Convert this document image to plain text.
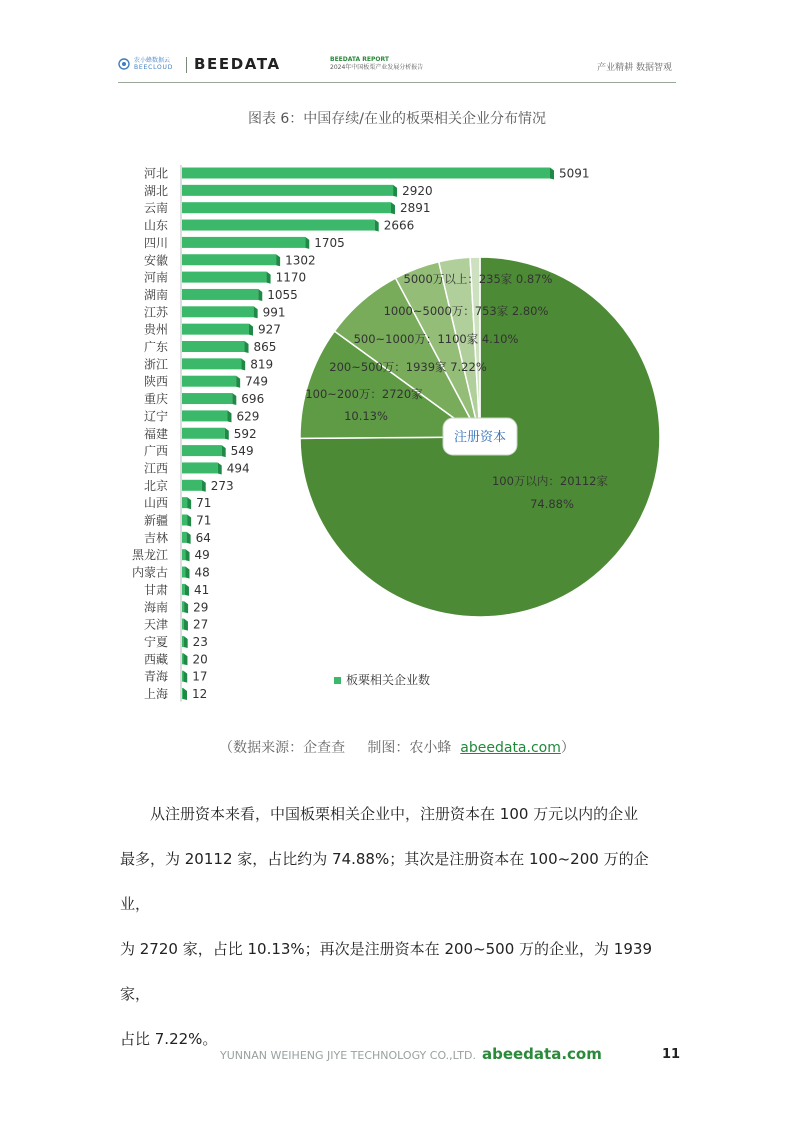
农小蜂数据云
BEECLOUD BEEDATA	BEEDATA REPORT
2024年中国板栗产业发展分析报告	产业精耕 数据智观
图表 6：中国存续/在业的板栗相关企业分布情况
河北	5091
湖北	2920
云南	2891
山东	2666
四川	1705
安徽	1302
河南	1170
湖南	1055
江苏	991
贵州	927
广东	865
浙江	819
陕西	749
重庆	696
辽宁	629
福建	592
广西	549
江西	494
北京	273
山西 71
新疆 71
吉林 64
黑龙江 49
内蒙古 48
甘肃 41
海南 29
天津 27
宁夏 23
西藏 20
青海 17
上海 12
板栗相关企业数
100万以内：20112家
74.88%
100~200万：2720家
10.13%
200~500万：1939家 7.22%
500~1000万：1100家 4.10%
1000~5000万：753家 2.80%
5000万以上：235家 0.87%
注册资本
（数据来源：企查查     制图：农小蜂  abeedata.com）
从注册资本来看，中国板栗相关企业中，注册资本在 100 万元以内的企业
最多，为 20112 家，占比约为 74.88%；其次是注册资本在 100~200 万的企业，
为 2720 家，占比 10.13%；再次是注册资本在 200~500 万的企业，为 1939 家，
占比 7.22%。
YUNNAN WEIHENG JIYE TECHNOLOGY CO.,LTD. abeedata.com	11
